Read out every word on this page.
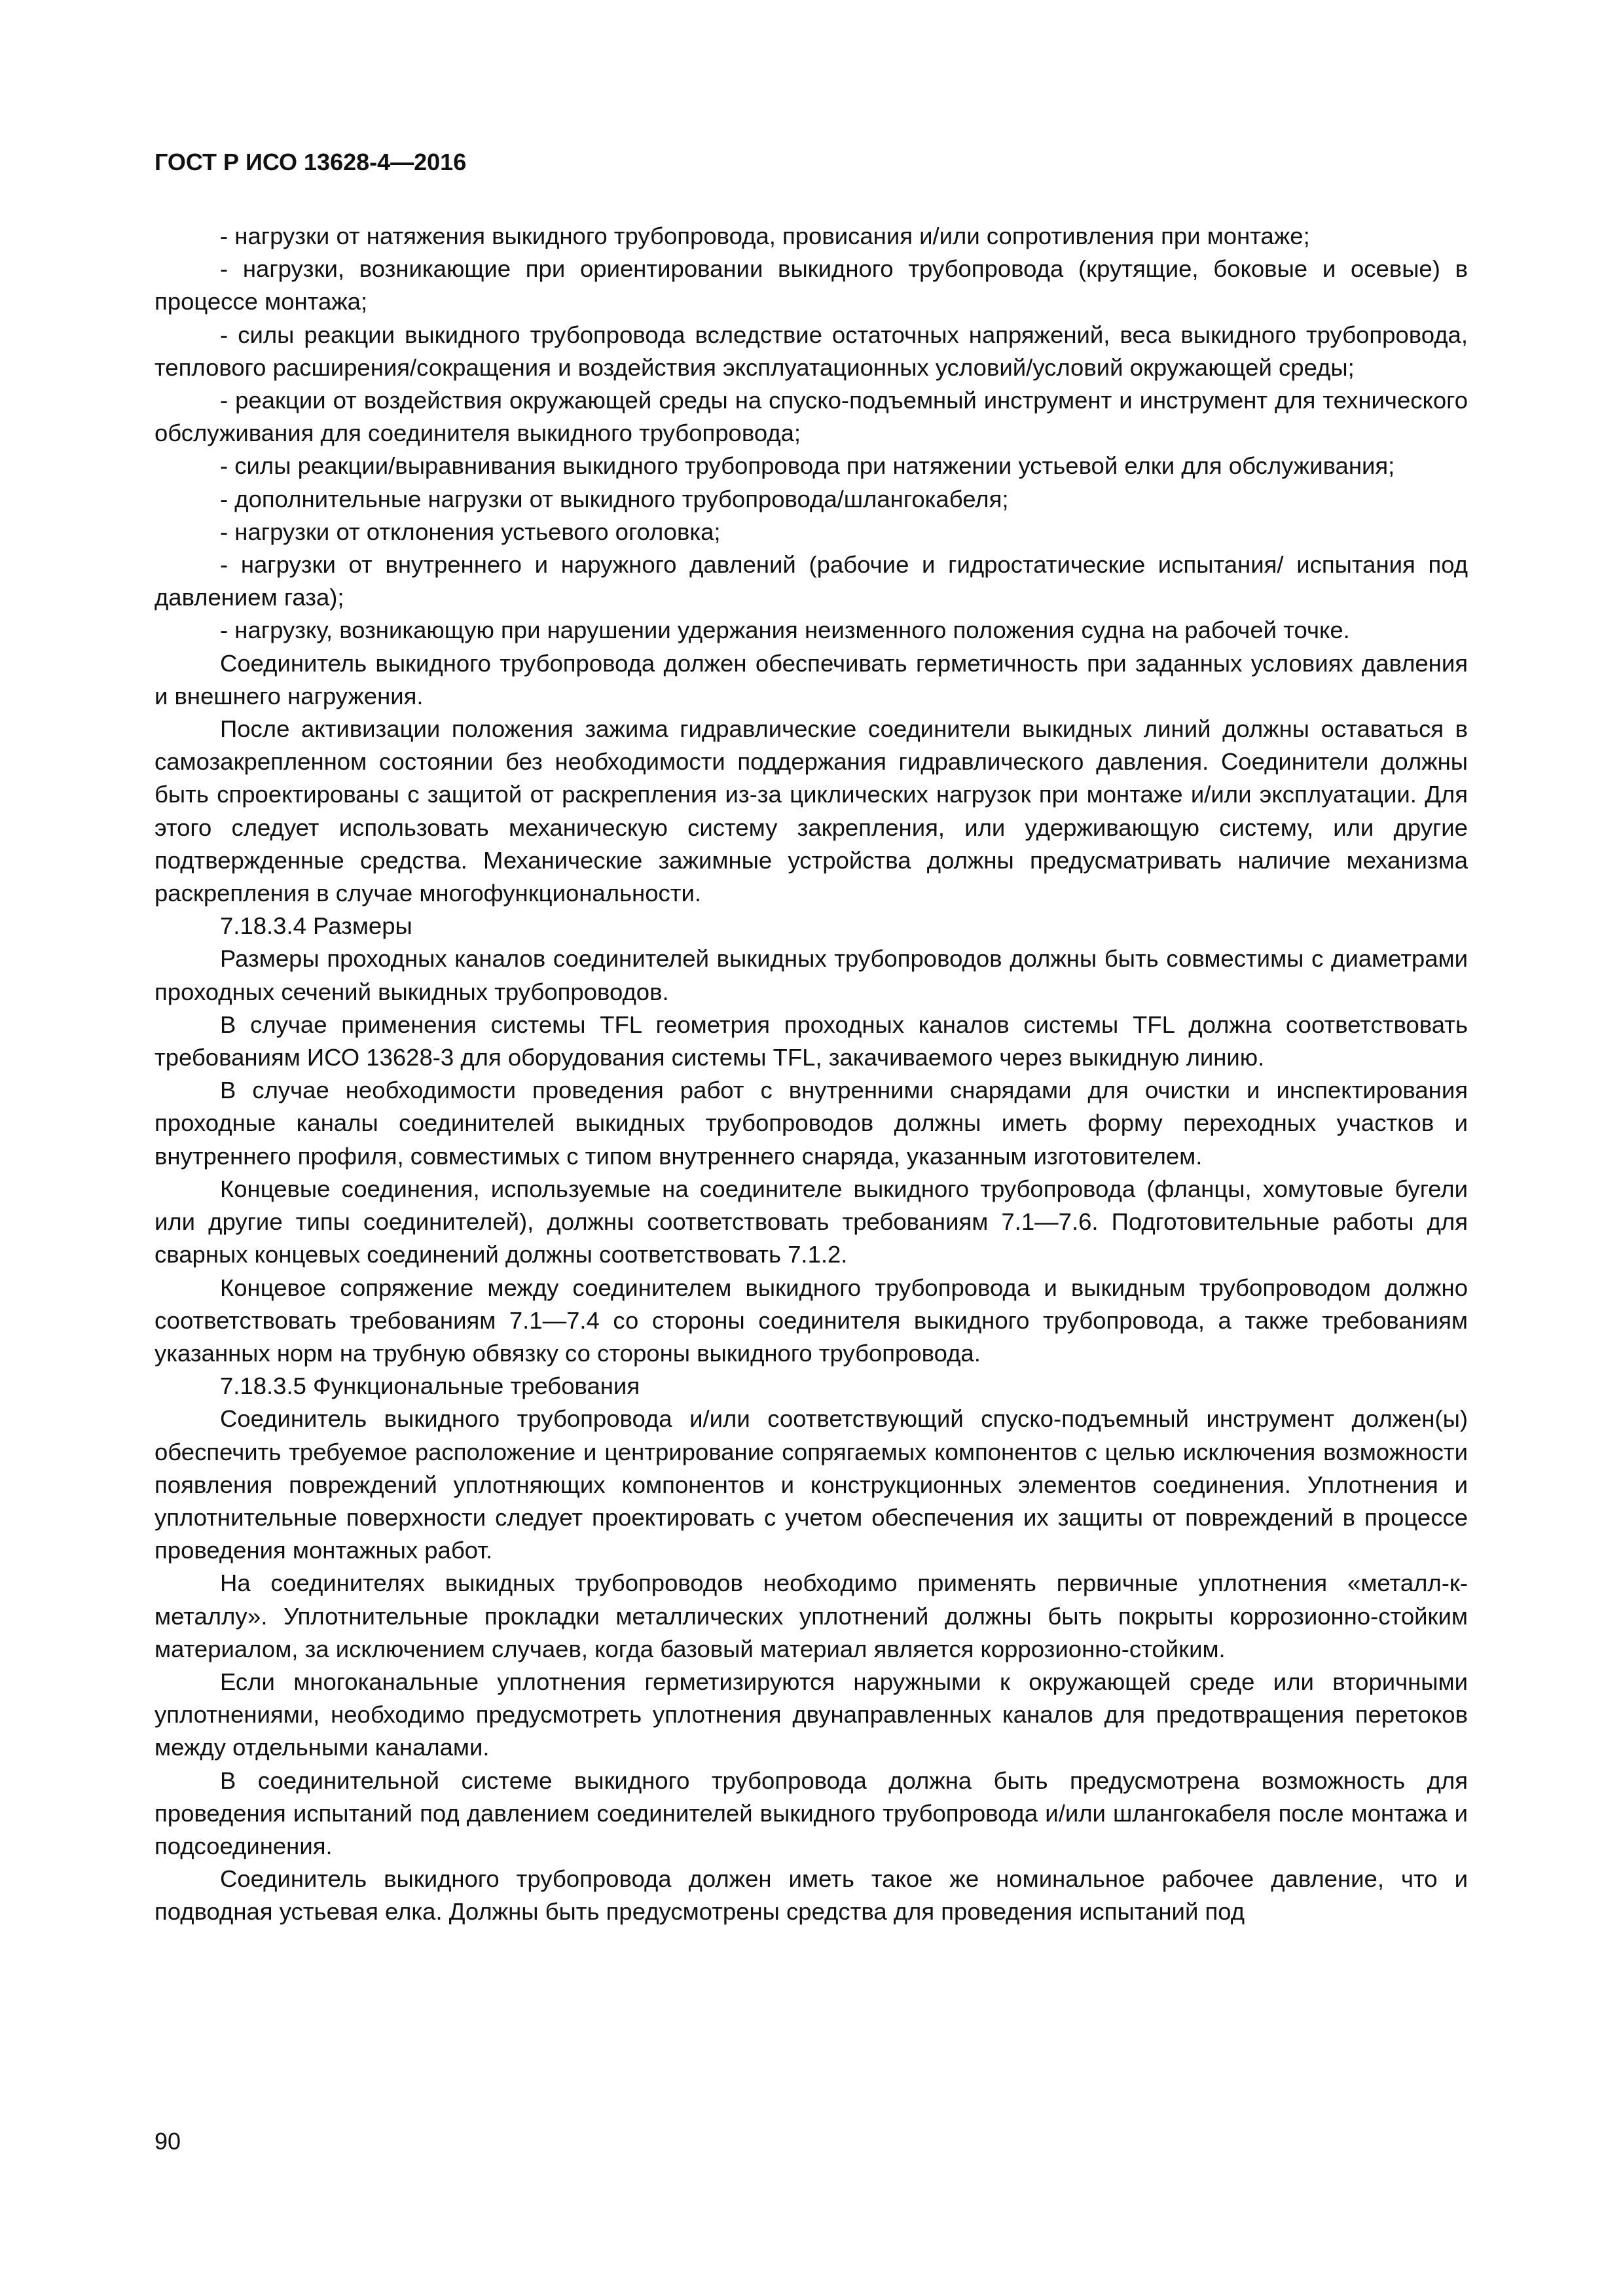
ГОСТ Р ИСО 13628-4—2016

- нагрузки от натяжения выкидного трубопровода, провисания и/или сопротивления при монтаже;

- нагрузки, возникающие при ориентировании выкидного трубопровода (крутящие, боковые и осевые) в процессе монтажа;

- силы реакции выкидного трубопровода вследствие остаточных напряжений, веса выкидного трубопровода, теплового расширения/сокращения и воздействия эксплуатационных условий/условий окружающей среды;

- реакции от воздействия окружающей среды на спуско-подъемный инструмент и инструмент для технического обслуживания для соединителя выкидного трубопровода;

- силы реакции/выравнивания выкидного трубопровода при натяжении устьевой елки для обслуживания;

- дополнительные нагрузки от выкидного трубопровода/шлангокабеля;

- нагрузки от отклонения устьевого оголовка;

- нагрузки от внутреннего и наружного давлений (рабочие и гидростатические испытания/ испытания под давлением газа);

- нагрузку, возникающую при нарушении удержания неизменного положения судна на рабочей точке.

Соединитель выкидного трубопровода должен обеспечивать герметичность при заданных условиях давления и внешнего нагружения.

После активизации положения зажима гидравлические соединители выкидных линий должны оставаться в самозакрепленном состоянии без необходимости поддержания гидравлического давления. Соединители должны быть спроектированы с защитой от раскрепления из-за циклических нагрузок при монтаже и/или эксплуатации. Для этого следует использовать механическую систему закрепления, или удерживающую систему, или другие подтвержденные средства. Механические зажимные устройства должны предусматривать наличие механизма раскрепления в случае многофункциональности.

7.18.3.4 Размеры

Размеры проходных каналов соединителей выкидных трубопроводов должны быть совместимы с диаметрами проходных сечений выкидных трубопроводов.

В случае применения системы TFL геометрия проходных каналов системы TFL должна соответствовать требованиям ИСО 13628-3 для оборудования системы TFL, закачиваемого через выкидную линию.

В случае необходимости проведения работ с внутренними снарядами для очистки и инспектирования проходные каналы соединителей выкидных трубопроводов должны иметь форму переходных участков и внутреннего профиля, совместимых с типом внутреннего снаряда, указанным изготовителем.

Концевые соединения, используемые на соединителе выкидного трубопровода (фланцы, хомутовые бугели или другие типы соединителей), должны соответствовать требованиям 7.1—7.6. Подготовительные работы для сварных концевых соединений должны соответствовать 7.1.2.

Концевое сопряжение между соединителем выкидного трубопровода и выкидным трубопроводом должно соответствовать требованиям 7.1—7.4 со стороны соединителя выкидного трубопровода, а также требованиям указанных норм на трубную обвязку со стороны выкидного трубопровода.

7.18.3.5 Функциональные требования

Соединитель выкидного трубопровода и/или соответствующий спуско-подъемный инструмент должен(ы) обеспечить требуемое расположение и центрирование сопрягаемых компонентов с целью исключения возможности появления повреждений уплотняющих компонентов и конструкционных элементов соединения. Уплотнения и уплотнительные поверхности следует проектировать с учетом обеспечения их защиты от повреждений в процессе проведения монтажных работ.

На соединителях выкидных трубопроводов необходимо применять первичные уплотнения «металл-к-металлу». Уплотнительные прокладки металлических уплотнений должны быть покрыты коррозионно-стойким материалом, за исключением случаев, когда базовый материал является коррозионно-стойким.

Если многоканальные уплотнения герметизируются наружными к окружающей среде или вторичными уплотнениями, необходимо предусмотреть уплотнения двунаправленных каналов для предотвращения перетоков между отдельными каналами.

В соединительной системе выкидного трубопровода должна быть предусмотрена возможность для проведения испытаний под давлением соединителей выкидного трубопровода и/или шлангокабеля после монтажа и подсоединения.

Соединитель выкидного трубопровода должен иметь такое же номинальное рабочее давление, что и подводная устьевая елка. Должны быть предусмотрены средства для проведения испытаний под

90
